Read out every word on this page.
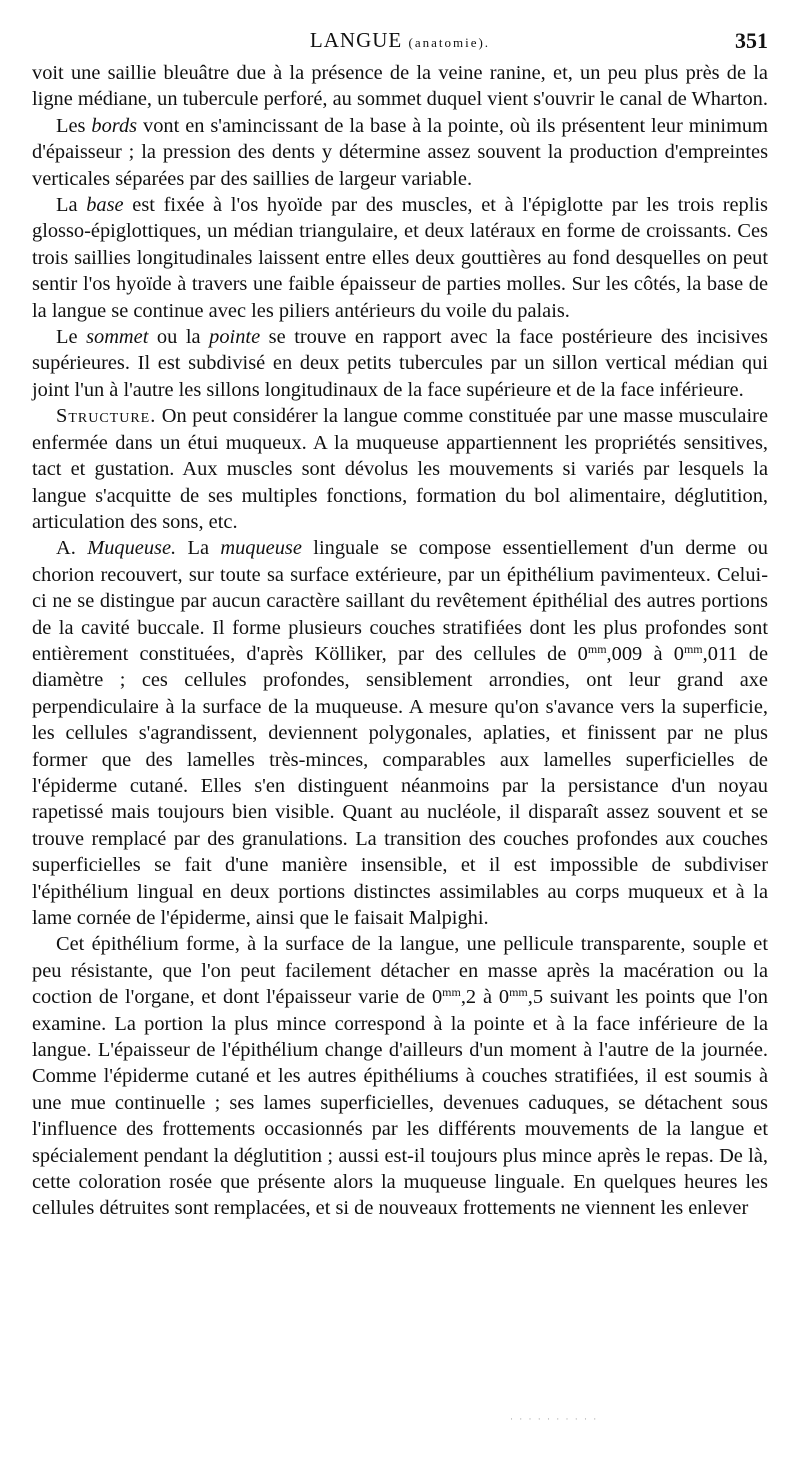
LANGUE (anatomie).	351

voit une saillie bleuâtre due à la présence de la veine ranine, et, un peu plus près de la ligne médiane, un tubercule perforé, au sommet duquel vient s'ouvrir le canal de Wharton.

Les bords vont en s'amincissant de la base à la pointe, où ils présentent leur minimum d'épaisseur ; la pression des dents y détermine assez souvent la production d'empreintes verticales séparées par des saillies de largeur variable.

La base est fixée à l'os hyoïde par des muscles, et à l'épiglotte par les trois replis glosso-épiglottiques, un médian triangulaire, et deux latéraux en forme de croissants. Ces trois saillies longitudinales laissent entre elles deux gouttières au fond desquelles on peut sentir l'os hyoïde à travers une faible épaisseur de parties molles. Sur les côtés, la base de la langue se continue avec les piliers antérieurs du voile du palais.

Le sommet ou la pointe se trouve en rapport avec la face postérieure des incisives supérieures. Il est subdivisé en deux petits tubercules par un sillon vertical médian qui joint l'un à l'autre les sillons longitudinaux de la face supérieure et de la face inférieure.

Structure. On peut considérer la langue comme constituée par une masse musculaire enfermée dans un étui muqueux. A la muqueuse appartiennent les propriétés sensitives, tact et gustation. Aux muscles sont dévolus les mouvements si variés par lesquels la langue s'acquitte de ses multiples fonctions, formation du bol alimentaire, déglutition, articulation des sons, etc.

A. Muqueuse. La muqueuse linguale se compose essentiellement d'un derme ou chorion recouvert, sur toute sa surface extérieure, par un épithélium pavimenteux. Celui-ci ne se distingue par aucun caractère saillant du revêtement épithélial des autres portions de la cavité buccale. Il forme plusieurs couches stratifiées dont les plus profondes sont entièrement constituées, d'après Kölliker, par des cellules de $0^{mm},009$ à $0^{mm},011$ de diamètre ; ces cellules profondes, sensiblement arrondies, ont leur grand axe perpendiculaire à la surface de la muqueuse. A mesure qu'on s'avance vers la superficie, les cellules s'agrandissent, deviennent polygonales, aplaties, et finissent par ne plus former que des lamelles très-minces, comparables aux lamelles superficielles de l'épiderme cutané. Elles s'en distinguent néanmoins par la persistance d'un noyau rapetissé mais toujours bien visible. Quant au nucléole, il disparaît assez souvent et se trouve remplacé par des granulations. La transition des couches profondes aux couches superficielles se fait d'une manière insensible, et il est impossible de subdiviser l'épithélium lingual en deux portions distinctes assimilables au corps muqueux et à la lame cornée de l'épiderme, ainsi que le faisait Malpighi.

Cet épithélium forme, à la surface de la langue, une pellicule transparente, souple et peu résistante, que l'on peut facilement détacher en masse après la macération ou la coction de l'organe, et dont l'épaisseur varie de $0^{mm},2$ à $0^{mm},5$ suivant les points que l'on examine. La portion la plus mince correspond à la pointe et à la face inférieure de la langue. L'épaisseur de l'épithélium change d'ailleurs d'un moment à l'autre de la journée. Comme l'épiderme cutané et les autres épithéliums à couches stratifiées, il est soumis à une mue continuelle ; ses lames superficielles, devenues caduques, se détachent sous l'influence des frottements occasionnés par les différents mouvements de la langue et spécialement pendant la déglutition ; aussi est-il toujours plus mince après le repas. De là, cette coloration rosée que présente alors la muqueuse linguale. En quelques heures les cellules détruites sont remplacées, et si de nouveaux frottements ne viennent les enlever

· · · · · · · · · ·
